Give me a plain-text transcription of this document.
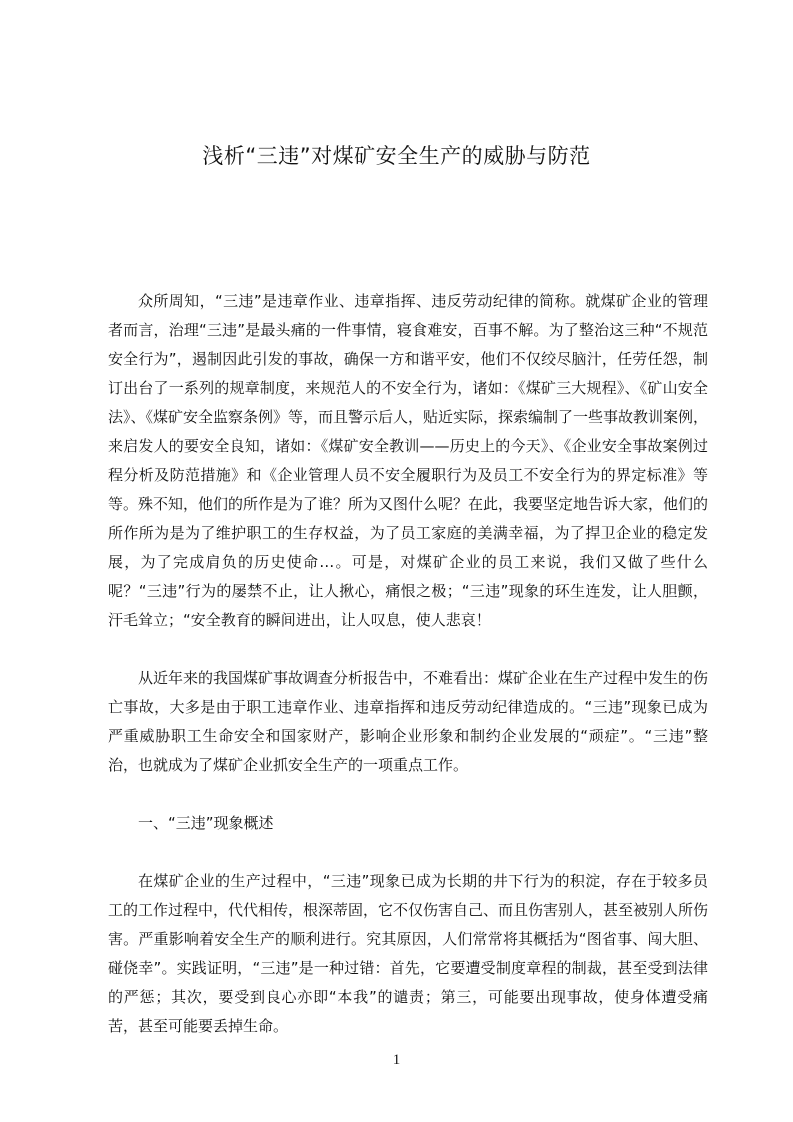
浅析“三违”对煤矿安全生产的威胁与防范

众所周知，“三违”是违章作业、违章指挥、违反劳动纪律的简称。就煤矿企业的管理者而言，治理“三违”是最头痛的一件事情，寝食难安，百事不解。为了整治这三种“不规范安全行为”，遏制因此引发的事故，确保一方和谐平安，他们不仅绞尽脑汁，任劳任怨，制订出台了一系列的规章制度，来规范人的不安全行为，诸如：《煤矿三大规程》、《矿山安全法》、《煤矿安全监察条例》等，而且警示后人，贴近实际，探索编制了一些事故教训案例，来启发人的要安全良知，诸如：《煤矿安全教训——历史上的今天》、《企业安全事故案例过程分析及防范措施》和《企业管理人员不安全履职行为及员工不安全行为的界定标准》等等。殊不知，他们的所作是为了谁？所为又图什么呢？在此，我要坚定地告诉大家，他们的所作所为是为了维护职工的生存权益，为了员工家庭的美满幸福，为了捍卫企业的稳定发展，为了完成肩负的历史使命…。可是，对煤矿企业的员工来说，我们又做了些什么呢？“三违”行为的屡禁不止，让人揪心，痛恨之极；“三违”现象的环生连发，让人胆颤，汗毛耸立；“安全教育的瞬间进出，让人叹息，使人悲哀！

从近年来的我国煤矿事故调查分析报告中，不难看出：煤矿企业在生产过程中发生的伤亡事故，大多是由于职工违章作业、违章指挥和违反劳动纪律造成的。“三违”现象已成为严重威胁职工生命安全和国家财产，影响企业形象和制约企业发展的“顽症”。“三违”整治，也就成为了煤矿企业抓安全生产的一项重点工作。

一、“三违”现象概述

在煤矿企业的生产过程中，“三违”现象已成为长期的井下行为的积淀，存在于较多员工的工作过程中，代代相传，根深蒂固，它不仅伤害自己、而且伤害别人，甚至被别人所伤害。严重影响着安全生产的顺利进行。究其原因，人们常常将其概括为“图省事、闯大胆、碰侥幸”。实践证明，“三违”是一种过错：首先，它要遭受制度章程的制裁，甚至受到法律的严惩；其次，要受到良心亦即“本我”的谴责；第三，可能要出现事故，使身体遭受痛苦，甚至可能要丢掉生命。

1
